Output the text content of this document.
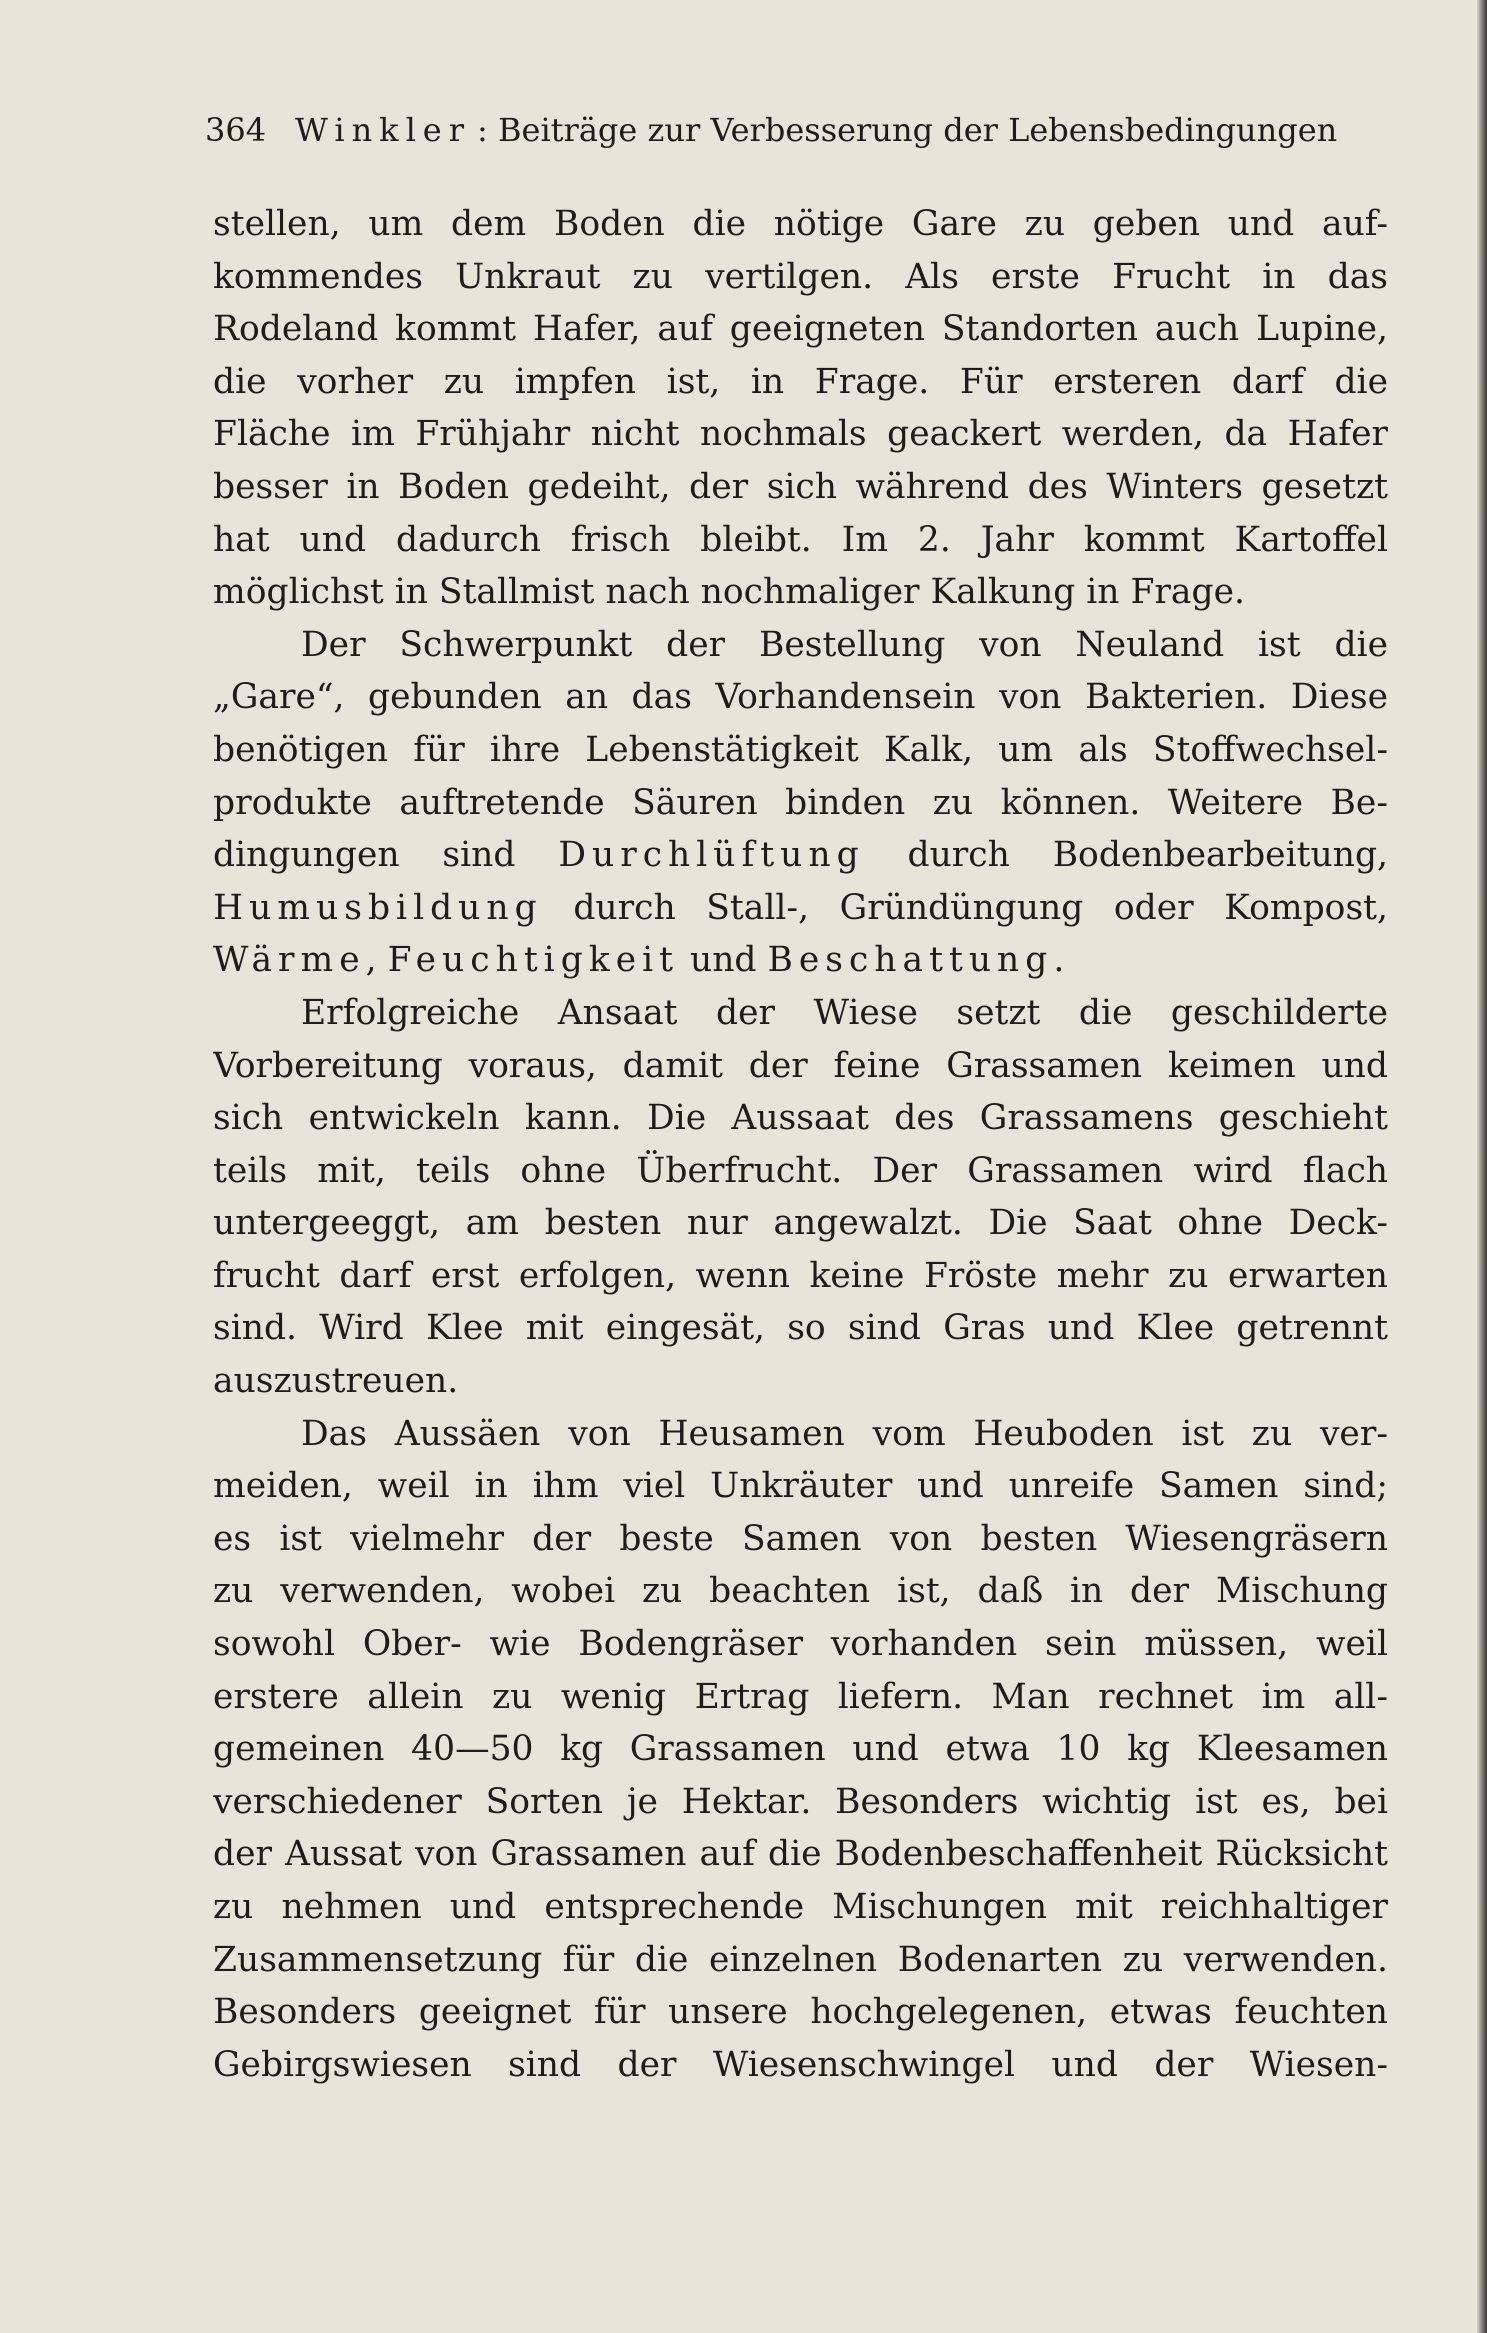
364 Winkler : Beiträge zur Verbesserung der Lebensbedingungen
stellen, um dem Boden die nötige Gare zu geben und auf-
kommendes Unkraut zu vertilgen. Als erste Frucht in das
Rodeland kommt Hafer, auf geeigneten Standorten auch Lupine,
die vorher zu impfen ist, in Frage. Für ersteren darf die
Fläche im Frühjahr nicht nochmals geackert werden, da Hafer
besser in Boden gedeiht, der sich während des Winters gesetzt
hat und dadurch frisch bleibt. Im 2. Jahr kommt Kartoffel
möglichst in Stallmist nach nochmaliger Kalkung in Frage.
Der Schwerpunkt der Bestellung von Neuland ist die
„Gare“, gebunden an das Vorhandensein von Bakterien. Diese
benötigen für ihre Lebenstätigkeit Kalk, um als Stoffwechsel-
produkte auftretende Säuren binden zu können. Weitere Be-
dingungen sind Durchlüftung durch Bodenbearbeitung,
Humusbildung durch Stall-, Gründüngung oder Kompost,
Wärme, Feuchtigkeit und Beschattung.
Erfolgreiche Ansaat der Wiese setzt die geschilderte
Vorbereitung voraus, damit der feine Grassamen keimen und
sich entwickeln kann. Die Aussaat des Grassamens geschieht
teils mit, teils ohne Überfrucht. Der Grassamen wird flach
untergeeggt, am besten nur angewalzt. Die Saat ohne Deck-
frucht darf erst erfolgen, wenn keine Fröste mehr zu erwarten
sind. Wird Klee mit eingesät, so sind Gras und Klee getrennt
auszustreuen.
Das Aussäen von Heusamen vom Heuboden ist zu ver-
meiden, weil in ihm viel Unkräuter und unreife Samen sind;
es ist vielmehr der beste Samen von besten Wiesengräsern
zu verwenden, wobei zu beachten ist, daß in der Mischung
sowohl Ober- wie Bodengräser vorhanden sein müssen, weil
erstere allein zu wenig Ertrag liefern. Man rechnet im all-
gemeinen 40—50 kg Grassamen und etwa 10 kg Kleesamen
verschiedener Sorten je Hektar. Besonders wichtig ist es, bei
der Aussat von Grassamen auf die Bodenbeschaffenheit Rücksicht
zu nehmen und entsprechende Mischungen mit reichhaltiger
Zusammensetzung für die einzelnen Bodenarten zu verwenden.
Besonders geeignet für unsere hochgelegenen, etwas feuchten
Gebirgswiesen sind der Wiesenschwingel und der Wiesen-
